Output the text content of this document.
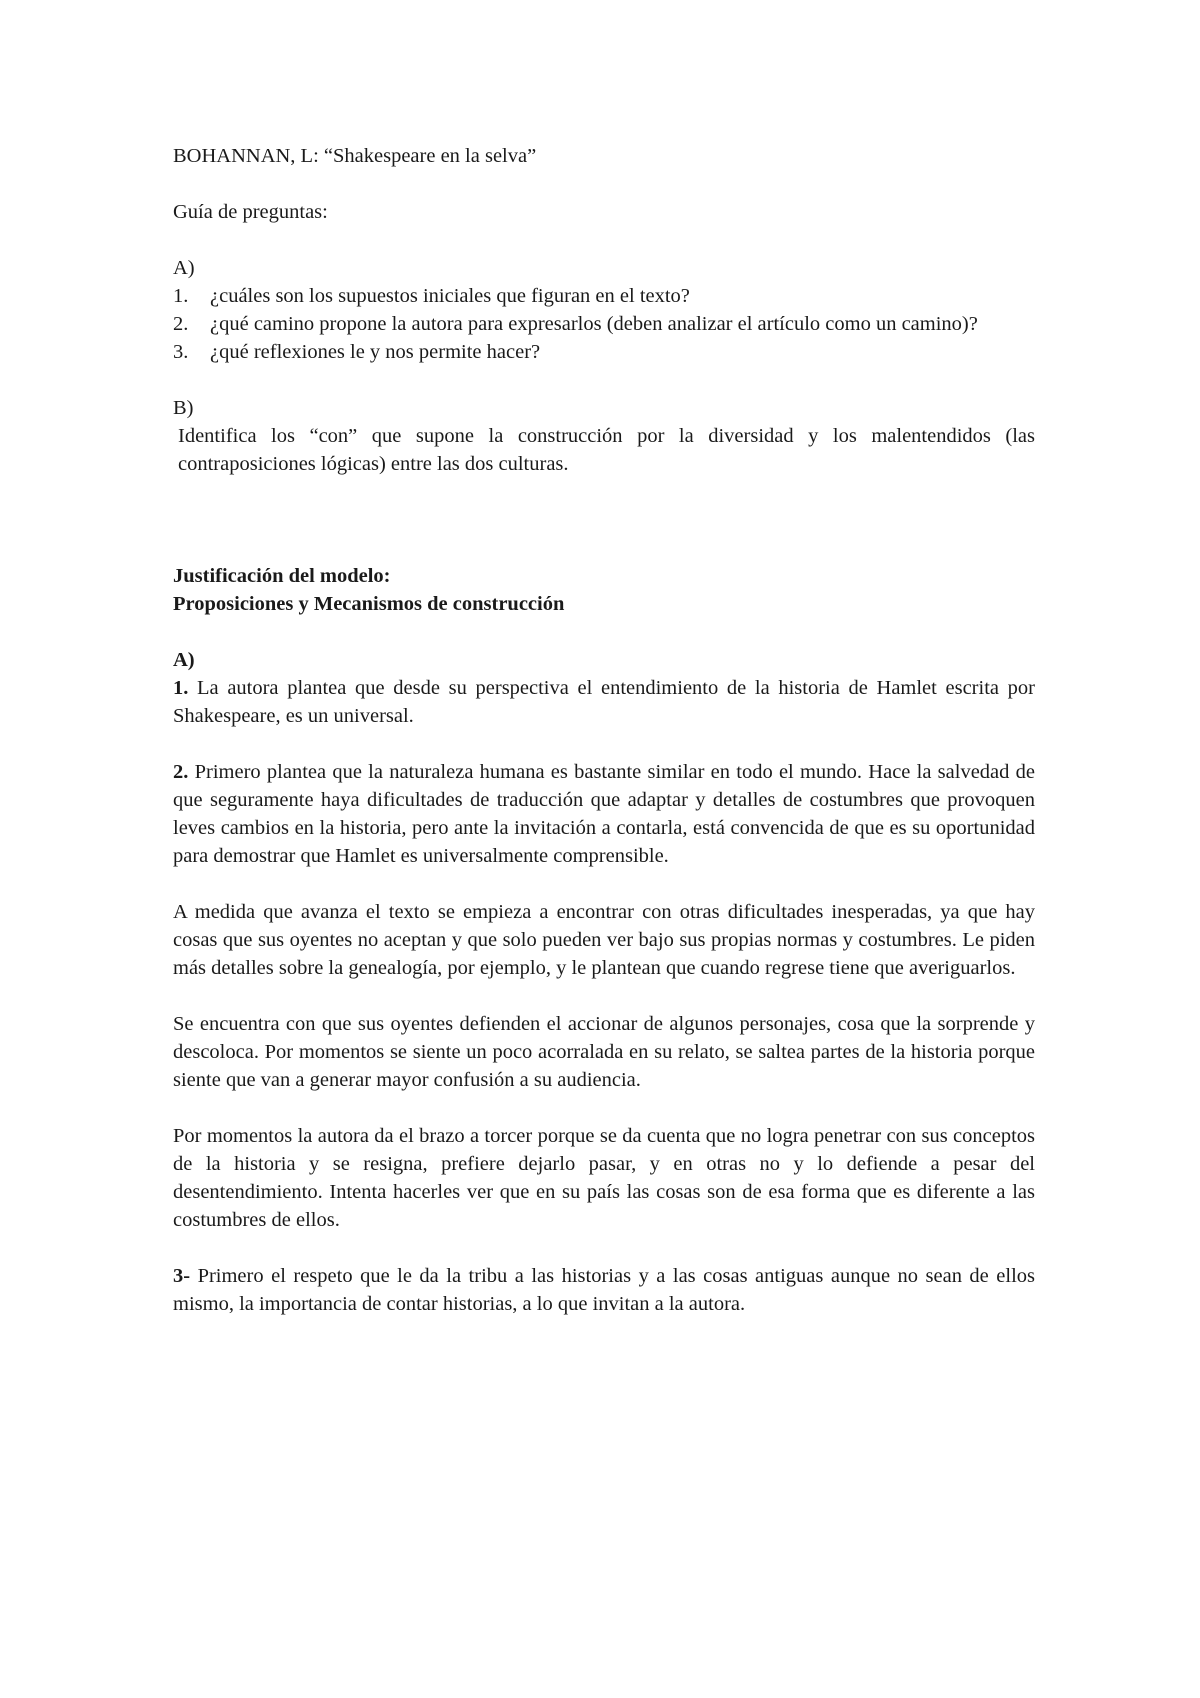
BOHANNAN, L: “Shakespeare en la selva”

Guía de preguntas:

A)

1. ¿cuáles son los supuestos iniciales que figuran en el texto?
2. ¿qué camino propone la autora para expresarlos (deben analizar el artículo como un camino)?
3. ¿qué reflexiones le y nos permite hacer?

B)

Identifica los “con” que supone la construcción por la diversidad y los malentendidos (las contraposiciones lógicas) entre las dos culturas.

Justificación del modelo:

Proposiciones y Mecanismos de construcción

A)

1. La autora plantea que desde su perspectiva el entendimiento de la historia de Hamlet escrita por Shakespeare, es un universal.

2. Primero plantea que la naturaleza humana es bastante similar en todo el mundo. Hace la salvedad de que seguramente haya dificultades de traducción que adaptar y detalles de costumbres que provoquen leves cambios en la historia, pero ante la invitación a contarla, está convencida de que es su oportunidad para demostrar que Hamlet es universalmente comprensible.

A medida que avanza el texto se empieza a encontrar con otras dificultades inesperadas, ya que hay cosas que sus oyentes no aceptan y que solo pueden ver bajo sus propias normas y costumbres. Le piden más detalles sobre la genealogía, por ejemplo, y le plantean que cuando regrese tiene que averiguarlos.

Se encuentra con que sus oyentes defienden el accionar de algunos personajes, cosa que la sorprende y descoloca. Por momentos se siente un poco acorralada en su relato, se saltea partes de la historia porque siente que van a generar mayor confusión a su audiencia.

Por momentos la autora da el brazo a torcer porque se da cuenta que no logra penetrar con sus conceptos de la historia y se resigna, prefiere dejarlo pasar, y en otras no y lo defiende a pesar del desentendimiento. Intenta hacerles ver que en su país las cosas son de esa forma que es diferente a las costumbres de ellos.

3- Primero el respeto que le da la tribu a las historias y a las cosas antiguas aunque no sean de ellos mismo, la importancia de contar historias, a lo que invitan a la autora.
